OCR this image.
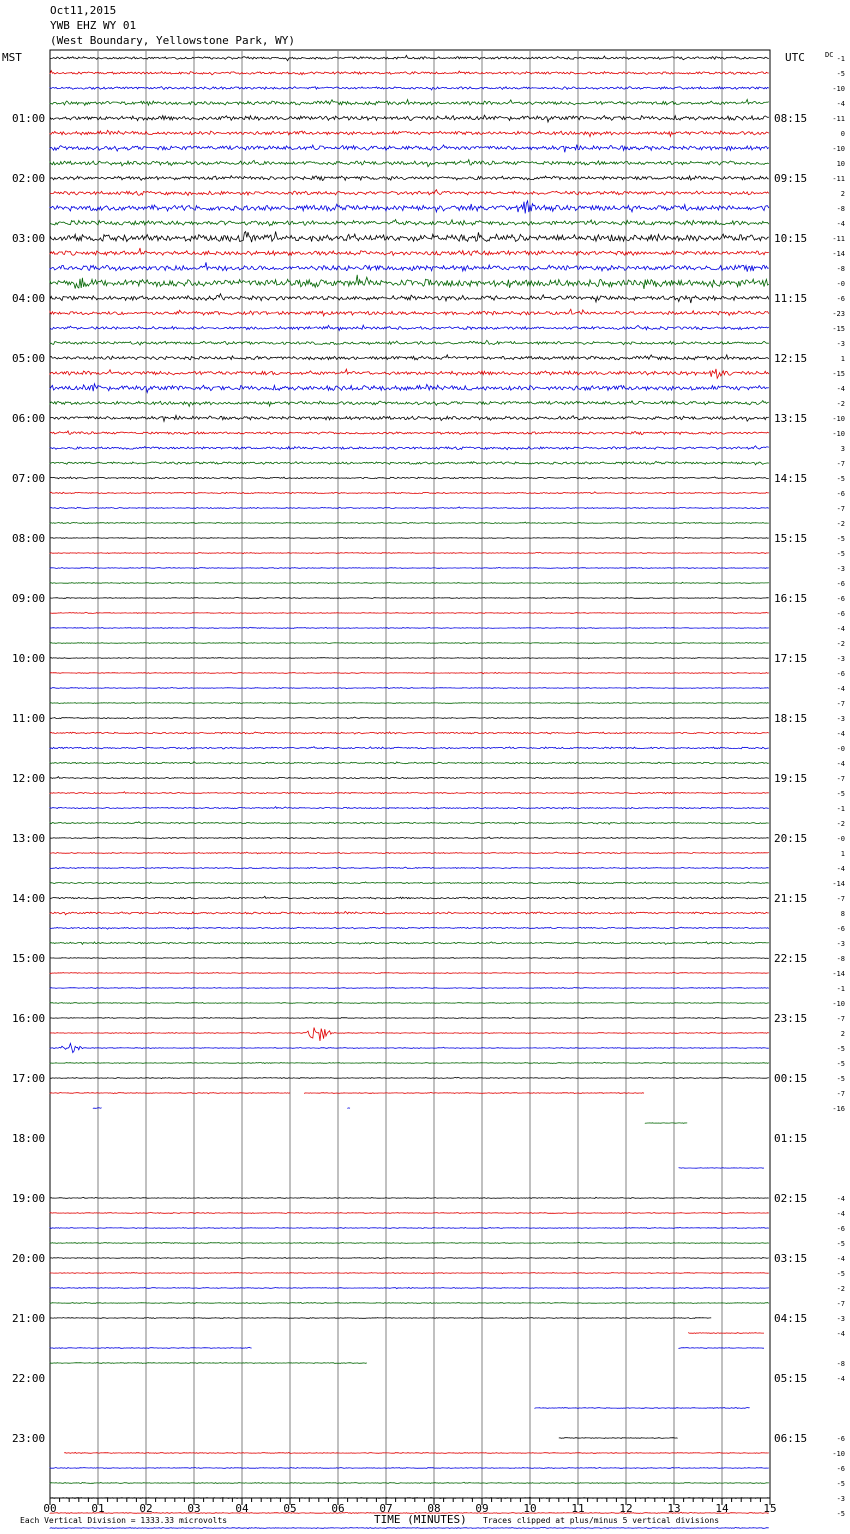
Oct11,2015
YWB EHZ WY 01
(West Boundary, Yellowstone Park, WY)
00	01	02	03	04	05	06	07	08	09	10	11	12	13	14	15
01:00
02:00
03:00
04:00
05:00
06:00
07:00
08:00
09:00
10:00
11:00
12:00
13:00
14:00
15:00
16:00
17:00
18:00
19:00
20:00
21:00
22:00
23:00
08:15
09:15
10:15
11:15
12:15
13:15
14:15
15:15
16:15
17:15
18:15
19:15
20:15
21:15
22:15
23:15
00:15
01:15
02:15
03:15
04:15
05:15
06:15
-1
-5
-10
-4
-11
0
-10
10
-11
2
-8
-4
-11
-14
-8
-0
-6
-23
-15
-3
1
-15
-4
-2
-10
-10
3
-7
-5
-6
-7
-2
-5
-5
-3
-6
-6
-6
-4
-2
-3
-6
-4
-7
-3
-4
-0
-4
-7
-5
-1
-2
-0
1
-4
-14
-7
8
-6
-3
-8
-14
-1
-10
-7
2
-5
-5
-5
-7
-16
-4
-4
-6
-5
-4
-5
-2
-7
-3
-4
-8
-4
-6
-10
-6
-5
-3
-5
MST	UTC	DC
Each Vertical Division = 1333.33 microvolts	TIME (MINUTES) Traces clipped at plus/minus 5 vertical divisions
